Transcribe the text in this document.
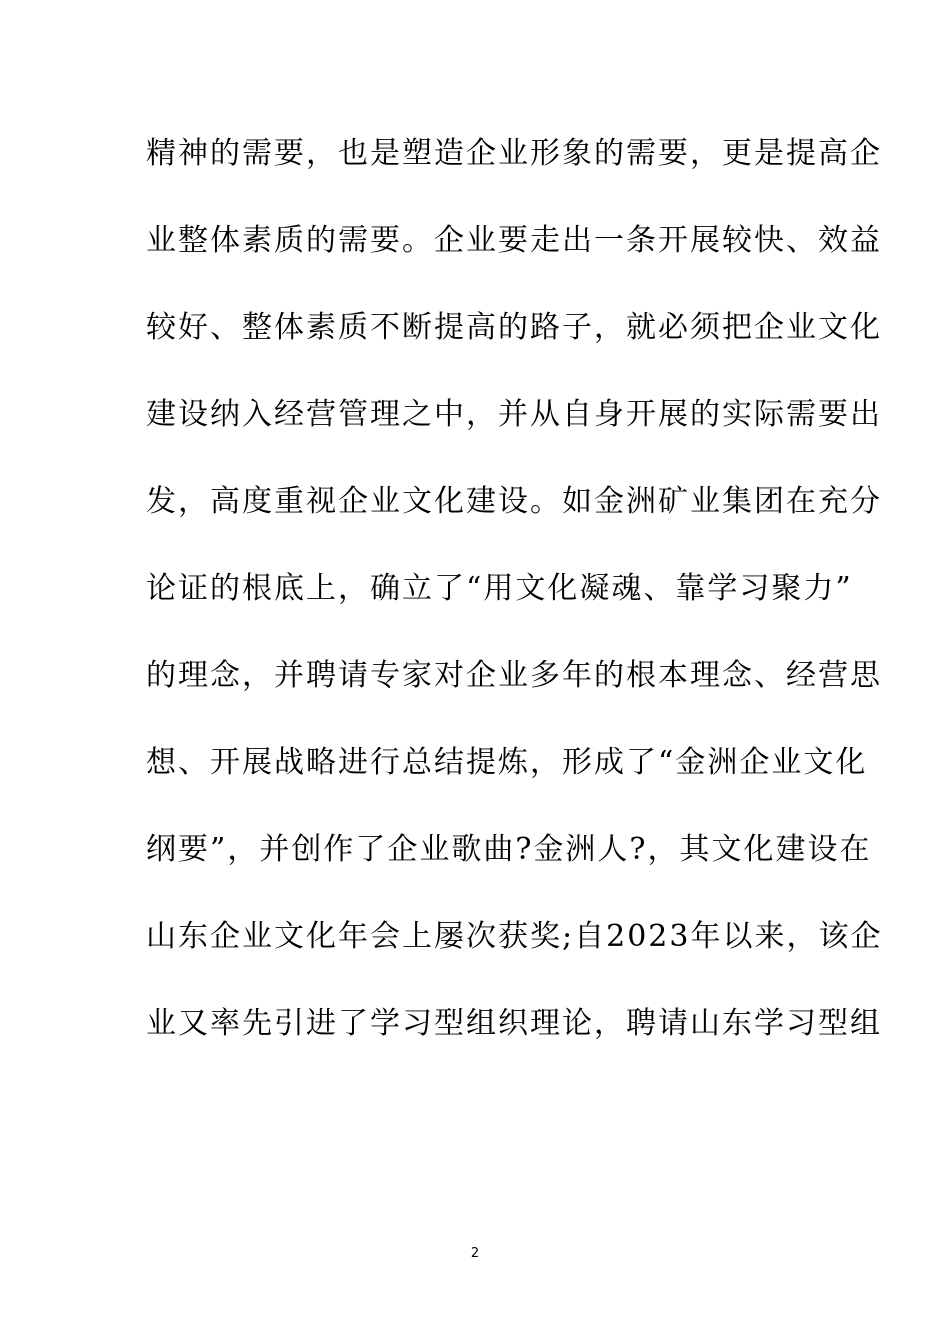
精神的需要，也是塑造企业形象的需要，更是提高企
业整体素质的需要。企业要走出一条开展较快、效益
较好、整体素质不断提高的路子，就必须把企业文化
建设纳入经营管理之中，并从自身开展的实际需要出
发，高度重视企业文化建设。如金洲矿业集团在充分
论证的根底上，确立了“用文化凝魂、靠学习聚力”
的理念，并聘请专家对企业多年的根本理念、经营思
想、开展战略进行总结提炼，形成了“金洲企业文化
纲要”，并创作了企业歌曲?金洲人?，其文化建设在
山东企业文化年会上屡次获奖;自2023年以来，该企
业又率先引进了学习型组织理论，聘请山东学习型组
2
